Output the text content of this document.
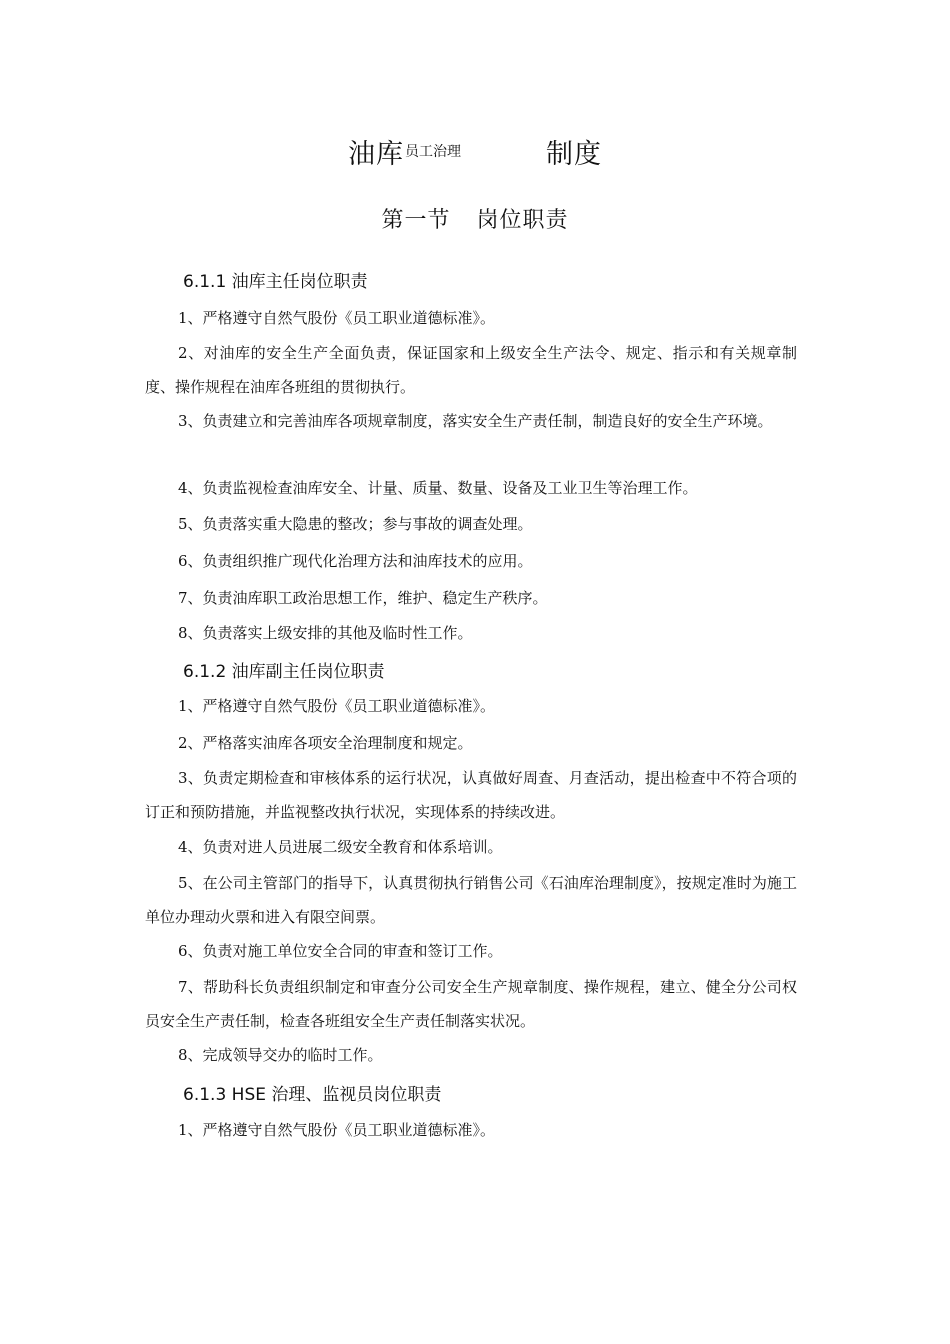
油库 员工治理	制度
第一节 岗位职责
6.1.1 油库主任岗位职责
1、严格遵守自然气股份《员工职业道德标准》。
2、对油库的安全生产全面负责，保证国家和上级安全生产法令、规定、指示和有关规章制度、操作规程在油库各班组的贯彻执行。
3、负责建立和完善油库各项规章制度，落实安全生产责任制，制造良好的安全生产环境。
4、负责监视检查油库安全、计量、质量、数量、设备及工业卫生等治理工作。
5、负责落实重大隐患的整改；参与事故的调查处理。
6、负责组织推广现代化治理方法和油库技术的应用。
7、负责油库职工政治思想工作，维护、稳定生产秩序。
8、负责落实上级安排的其他及临时性工作。
6.1.2 油库副主任岗位职责
1、严格遵守自然气股份《员工职业道德标准》。
2、严格落实油库各项安全治理制度和规定。
3、负责定期检查和审核体系的运行状况，认真做好周查、月查活动，提出检查中不符合项的订正和预防措施，并监视整改执行状况，实现体系的持续改进。
4、负责对进人员进展二级安全教育和体系培训。
5、在公司主管部门的指导下，认真贯彻执行销售公司《石油库治理制度》，按规定准时为施工单位办理动火票和进入有限空间票。
6、负责对施工单位安全合同的审查和签订工作。
7、帮助科长负责组织制定和审查分公司安全生产规章制度、操作规程，建立、健全分公司权员安全生产责任制，检查各班组安全生产责任制落实状况。
8、完成领导交办的临时工作。
6.1.3 HSE 治理、监视员岗位职责
1、严格遵守自然气股份《员工职业道德标准》。
